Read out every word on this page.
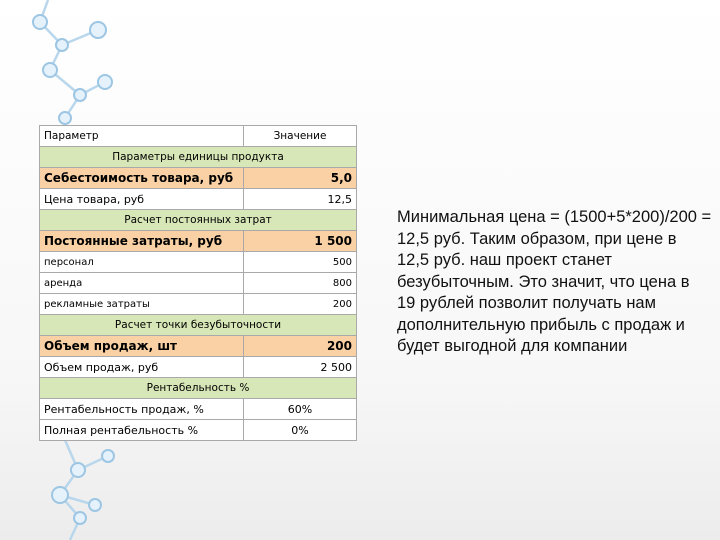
Параметр	Значение
Параметры единицы продукта	
Себестоимость товара, руб	5,0
Цена товара, руб	12,5
Расчет постоянных затрат	
Постоянные затраты, руб	1 500
персонал	500
аренда	800
рекламные затраты	200
Расчет точки безубыточности	
Объем продаж, шт	200
Объем продаж, руб	2 500
Рентабельность %	
Рентабельность продаж, %	60%
Полная рентабельность %	0%
Минимальная цена = (1500+5*200)/200 = 12,5 руб. Таким образом, при цене в 12,5 руб. наш проект станет безубыточным. Это значит, что цена в 19 рублей позволит получать нам дополнительную прибыль с продаж и будет выгодной для компании
